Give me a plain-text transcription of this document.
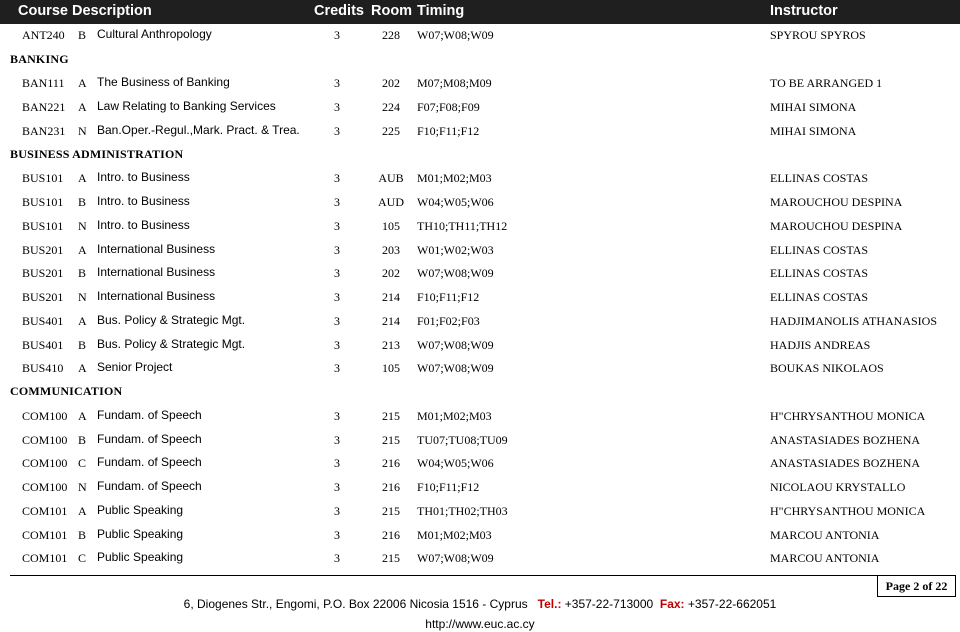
Course Description	Credits Room Timing	Instructor
ANT240 B Cultural Anthropology	3	228	W07;W08;W09	SPYROU SPYROS
BANKING
BAN111 A The Business of Banking	3	202	M07;M08;M09	TO BE ARRANGED 1
BAN221 A Law Relating to Banking Services	3	224	F07;F08;F09	MIHAI SIMONA
BAN231 N Ban.Oper.-Regul.,Mark. Pract. & Trea.	3	225	F10;F11;F12	MIHAI SIMONA
BUSINESS ADMINISTRATION
BUS101 A Intro. to Business	3	AUB	M01;M02;M03	ELLINAS COSTAS
BUS101 B Intro. to Business	3	AUD	W04;W05;W06	MAROUCHOU DESPINA
BUS101 N Intro. to Business	3	105	TH10;TH11;TH12	MAROUCHOU DESPINA
BUS201 A International Business	3	203	W01;W02;W03	ELLINAS COSTAS
BUS201 B International Business	3	202	W07;W08;W09	ELLINAS COSTAS
BUS201 N International Business	3	214	F10;F11;F12	ELLINAS COSTAS
BUS401 A Bus. Policy & Strategic Mgt.	3	214	F01;F02;F03	HADJIMANOLIS ATHANASIOS
BUS401 B Bus. Policy & Strategic Mgt.	3	213	W07;W08;W09	HADJIS ANDREAS
BUS410 A Senior Project	3	105	W07;W08;W09	BOUKAS NIKOLAOS
COMMUNICATION
COM100 A Fundam. of Speech	3	215	M01;M02;M03	H"CHRYSANTHOU MONICA
COM100 B Fundam. of Speech	3	215	TU07;TU08;TU09	ANASTASIADES BOZHENA
COM100 C Fundam. of Speech	3	216	W04;W05;W06	ANASTASIADES BOZHENA
COM100 N Fundam. of Speech	3	216	F10;F11;F12	NICOLAOU KRYSTALLO
COM101 A Public Speaking	3	215	TH01;TH02;TH03	H"CHRYSANTHOU MONICA
COM101 B Public Speaking	3	216	M01;M02;M03	MARCOU ANTONIA
COM101 C Public Speaking	3	215	W07;W08;W09	MARCOU ANTONIA
Page 2 of 22
6, Diogenes Str., Engomi, P.O. Box 22006 Nicosia 1516 - Cyprus Tel.: +357-22-713000 Fax: +357-22-662051
http://www.euc.ac.cy
